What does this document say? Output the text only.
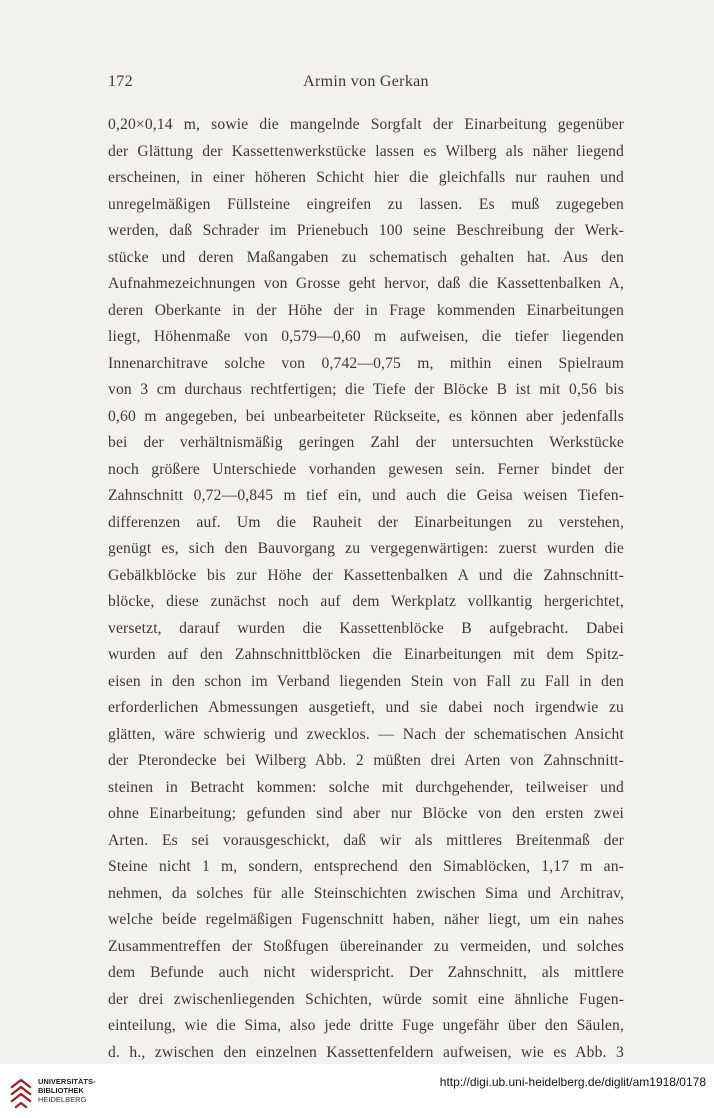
172	Armin von Gerkan
0,20×0,14 m, sowie die mangelnde Sorgfalt der Einarbeitung gegenüber
der Glättung der Kassettenwerkstücke lassen es Wilberg als näher liegend
erscheinen, in einer höheren Schicht hier die gleichfalls nur rauhen und
unregelmäßigen Füllsteine eingreifen zu lassen. Es muß zugegeben
werden, daß Schrader im Prienebuch 100 seine Beschreibung der Werk-
stücke und deren Maßangaben zu schematisch gehalten hat. Aus den
Aufnahmezeichnungen von Grosse geht hervor, daß die Kassettenbalken A,
deren Oberkante in der Höhe der in Frage kommenden Einarbeitungen
liegt, Höhenmaße von 0,579—0,60 m aufweisen, die tiefer liegenden
Innenarchitrave solche von 0,742—0,75 m, mithin einen Spielraum
von 3 cm durchaus rechtfertigen; die Tiefe der Blöcke B ist mit 0,56 bis
0,60 m angegeben, bei unbearbeiteter Rückseite, es können aber jedenfalls
bei der verhältnismäßig geringen Zahl der untersuchten Werkstücke
noch größere Unterschiede vorhanden gewesen sein. Ferner bindet der
Zahnschnitt 0,72—0,845 m tief ein, und auch die Geisa weisen Tiefen-
differenzen auf. Um die Rauheit der Einarbeitungen zu verstehen,
genügt es, sich den Bauvorgang zu vergegenwärtigen: zuerst wurden die
Gebälkblöcke bis zur Höhe der Kassettenbalken A und die Zahnschnitt-
blöcke, diese zunächst noch auf dem Werkplatz vollkantig hergerichtet,
versetzt, darauf wurden die Kassettenblöcke B aufgebracht. Dabei
wurden auf den Zahnschnittblöcken die Einarbeitungen mit dem Spitz-
eisen in den schon im Verband liegenden Stein von Fall zu Fall in den
erforderlichen Abmessungen ausgetieft, und sie dabei noch irgendwie zu
glätten, wäre schwierig und zwecklos. — Nach der schematischen Ansicht
der Pterondecke bei Wilberg Abb. 2 müßten drei Arten von Zahnschnitt-
steinen in Betracht kommen: solche mit durchgehender, teilweiser und
ohne Einarbeitung; gefunden sind aber nur Blöcke von den ersten zwei
Arten. Es sei vorausgeschickt, daß wir als mittleres Breitenmaß der
Steine nicht 1 m, sondern, entsprechend den Simablöcken, 1,17 m an-
nehmen, da solches für alle Steinschichten zwischen Sima und Architrav,
welche beide regelmäßigen Fugenschnitt haben, näher liegt, um ein nahes
Zusammentreffen der Stoßfugen übereinander zu vermeiden, und solches
dem Befunde auch nicht widerspricht. Der Zahnschnitt, als mittlere
der drei zwischenliegenden Schichten, würde somit eine ähnliche Fugen-
einteilung, wie die Sima, also jede dritte Fuge ungefähr über den Säulen,
d. h., zwischen den einzelnen Kassettenfeldern aufweisen, wie es Abb. 3
UNIVERSITÄTS-
BIBLIOTHEK
HEIDELBERG
http://digi.ub.uni-heidelberg.de/diglit/am1918/0178
